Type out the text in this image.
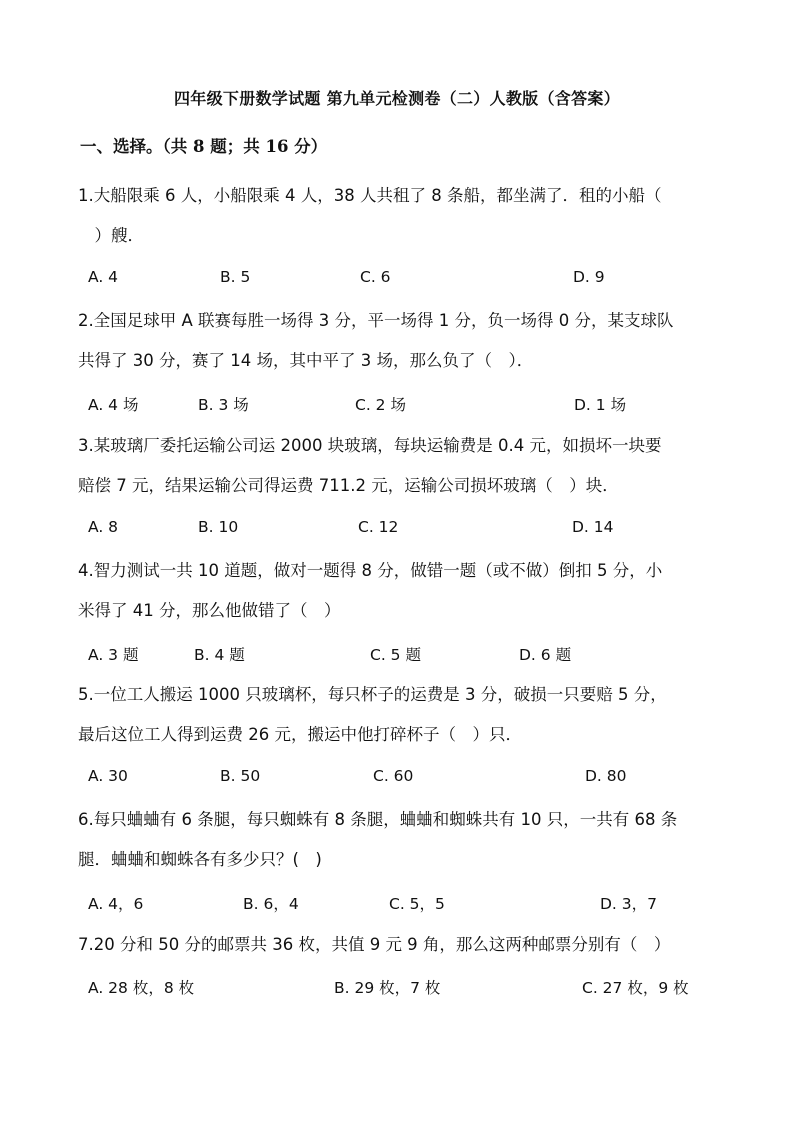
四年级下册数学试题 第九单元检测卷（二）人教版（含答案）
一、选择。（共 8 题；共 16 分）
1.大船限乘 6 人，小船限乘 4 人，38 人共租了 8 条船，都坐满了．租的小船（
　）艘．
A. 4	B. 5	C. 6	D. 9
2.全国足球甲 A 联赛每胜一场得 3 分，平一场得 1 分，负一场得 0 分，某支球队
共得了 30 分，赛了 14 场，其中平了 3 场，那么负了（　）．
A. 4 场	B. 3 场	C. 2 场	D. 1 场
3.某玻璃厂委托运输公司运 2000 块玻璃，每块运输费是 0.4 元，如损坏一块要
赔偿 7 元，结果运输公司得运费 711.2 元，运输公司损坏玻璃（　）块．
A. 8	B. 10	C. 12	D. 14
4.智力测试一共 10 道题，做对一题得 8 分，做错一题（或不做）倒扣 5 分，小
米得了 41 分，那么他做错了（　）
A. 3 题	B. 4 题	C. 5 题	D. 6 题
5.一位工人搬运 1000 只玻璃杯，每只杯子的运费是 3 分，破损一只要赔 5 分，
最后这位工人得到运费 26 元，搬运中他打碎杯子（　）只．
A. 30	B. 50	C. 60	D. 80
6.每只蛐蛐有 6 条腿，每只蜘蛛有 8 条腿，蛐蛐和蜘蛛共有 10 只，一共有 68 条
腿．蛐蛐和蜘蛛各有多少只？(　)
A. 4，6	B. 6，4	C. 5，5	D. 3，7
7.20 分和 50 分的邮票共 36 枚，共值 9 元 9 角，那么这两种邮票分别有（　）
A. 28 枚，8 枚	B. 29 枚，7 枚	C. 27 枚，9 枚
